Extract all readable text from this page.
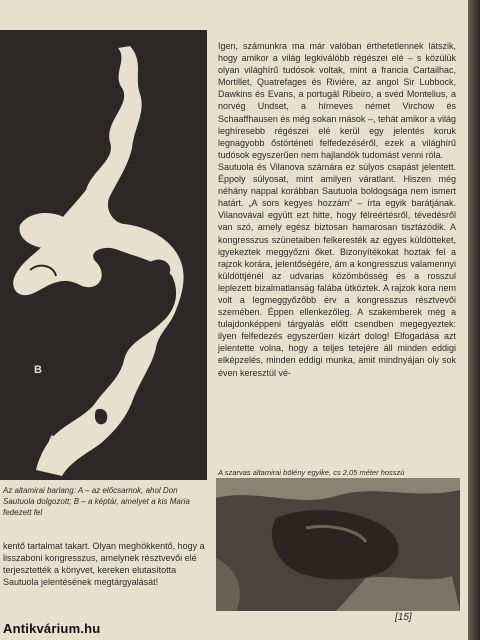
B
A
Az altamirai barlang: A – az előcsarnok, ahol Don Sautuola dolgozott; B – a képtár, amelyet a kis Maria fedezett fel
kentő tartalmat takart. Olyan meghökkentő, hogy a lisszaboni kongresszus, amelynek résztvevői elé terjesztették a könyvet, kereken elutasította Sautuola jelentésének megtárgyalását!

Igen, számunkra ma már valóban érthetetlennek látszik, hogy amikor a világ legkiválóbb régészei elé – s közülük olyan világhírű tudósok voltak, mint a francia Cartailhac, Mortillet, Quatrefages és Rivière, az angol Sir Lubbock, Dawkins és Evans, a portugál Ribeiro, a svéd Montelius, a norvég Undset, a hírneves német Virchow és Schaaffhausen és még sokan mások –, tehát amikor a világ leghíresebb régészei elé kerül egy jelentés koruk legnagyobb őstörténeti felfedezéséről, ezek a világhírű tudósok egyszerűen nem hajlandók tudomást venni róla.

Sautuola és Vilanova számára ez súlyos csapást jelentett. Éppoly súlyosat, mint amilyen váratlant. Hiszen még néhány nappal korábban Sautuola boldogsága nem ismert határt. „A sors kegyes hozzám” – írta egyik barátjának. Vilanovával együtt ezt hitte, hogy félreértésről, tévedésről van szó, amely egész biztosan hamarosan tisztázódik. A kongresszus szünetaiben felkeresték az egyes küldötteket, igyekeztek meggyőzni őket. Bizonyítékokat hoztak fel a rajzok korára, jelentőségére, ám a kongresszus valamennyi küldöttjénél az udvarias közömbösség és a rosszul leplezett bizalmatlanság falába ütköztek. A rajzok kora nem volt a legmeggyőzőbb érv a kongresszus résztvevői szemében. Éppen ellenkezőleg. A szakemberek még a tulajdonképpeni tárgyalás előtt csendben megegyeztek: ilyen felfedezés egyszerűen kizárt dolog! Elfogadása azt jelentette volna, hogy a teljes tetejére áll minden eddigi elképzelés, minden eddigi munka, amit mindnyájan oly sok éven keresztül vé-

A szarvas altamirai bölény egyike, cs 2,05 méter hosszú
[15]
Antikvárium.hu
